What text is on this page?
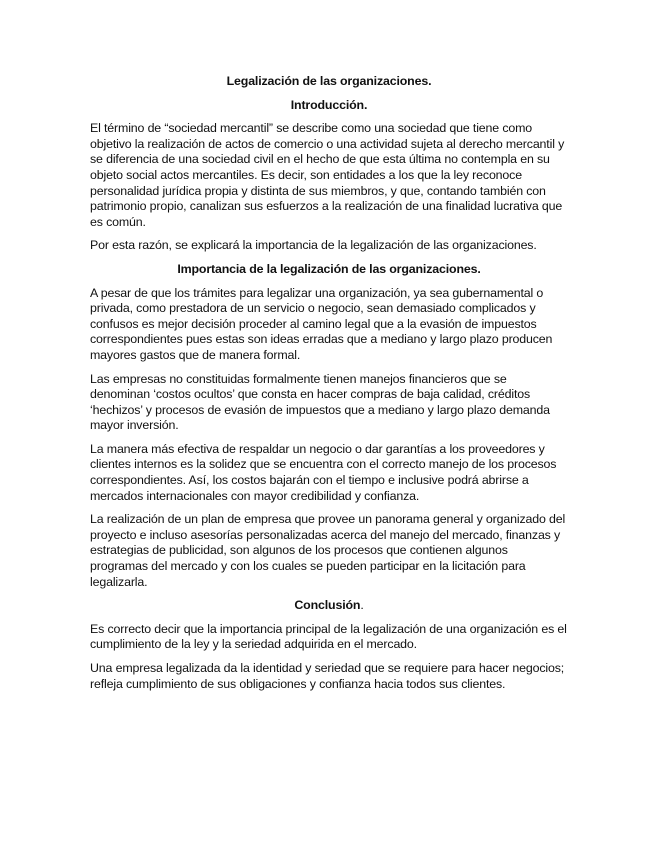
Legalización de las organizaciones.
Introducción.

El término de “sociedad mercantil” se describe como una sociedad que tiene como objetivo la realización de actos de comercio o una actividad sujeta al derecho mercantil y se diferencia de una sociedad civil en el hecho de que esta última no contempla en su objeto social actos mercantiles. Es decir, son entidades a los que la ley reconoce personalidad jurídica propia y distinta de sus miembros, y que, contando también con patrimonio propio, canalizan sus esfuerzos a la realización de una finalidad lucrativa que es común.

Por esta razón, se explicará la importancia de la legalización de las organizaciones.

Importancia de la legalización de las organizaciones.

A pesar de que los trámites para legalizar una organización, ya sea gubernamental o privada, como prestadora de un servicio o negocio, sean demasiado complicados y confusos es mejor decisión proceder al camino legal que a la evasión de impuestos correspondientes pues estas son ideas erradas que a mediano y largo plazo producen mayores gastos que de manera formal.

Las empresas no constituidas formalmente tienen manejos financieros que se denominan ‘costos ocultos’ que consta en hacer compras de baja calidad, créditos ‘hechizos’ y procesos de evasión de impuestos que a mediano y largo plazo demanda mayor inversión.

La manera más efectiva de respaldar un negocio o dar garantías a los proveedores y clientes internos es la solidez que se encuentra con el correcto manejo de los procesos correspondientes. Así, los costos bajarán con el tiempo e inclusive podrá abrirse a mercados internacionales con mayor credibilidad y confianza.

La realización de un plan de empresa que provee un panorama general y organizado del proyecto e incluso asesorías personalizadas acerca del manejo del mercado, finanzas y estrategias de publicidad, son algunos de los procesos que contienen algunos programas del mercado y con los cuales se pueden participar en la licitación para legalizarla.

Conclusión.

Es correcto decir que la importancia principal de la legalización de una organización es el cumplimiento de la ley y la seriedad adquirida en el mercado.

Una empresa legalizada da la identidad y seriedad que se requiere para hacer negocios; refleja cumplimiento de sus obligaciones y confianza hacia todos sus clientes.
